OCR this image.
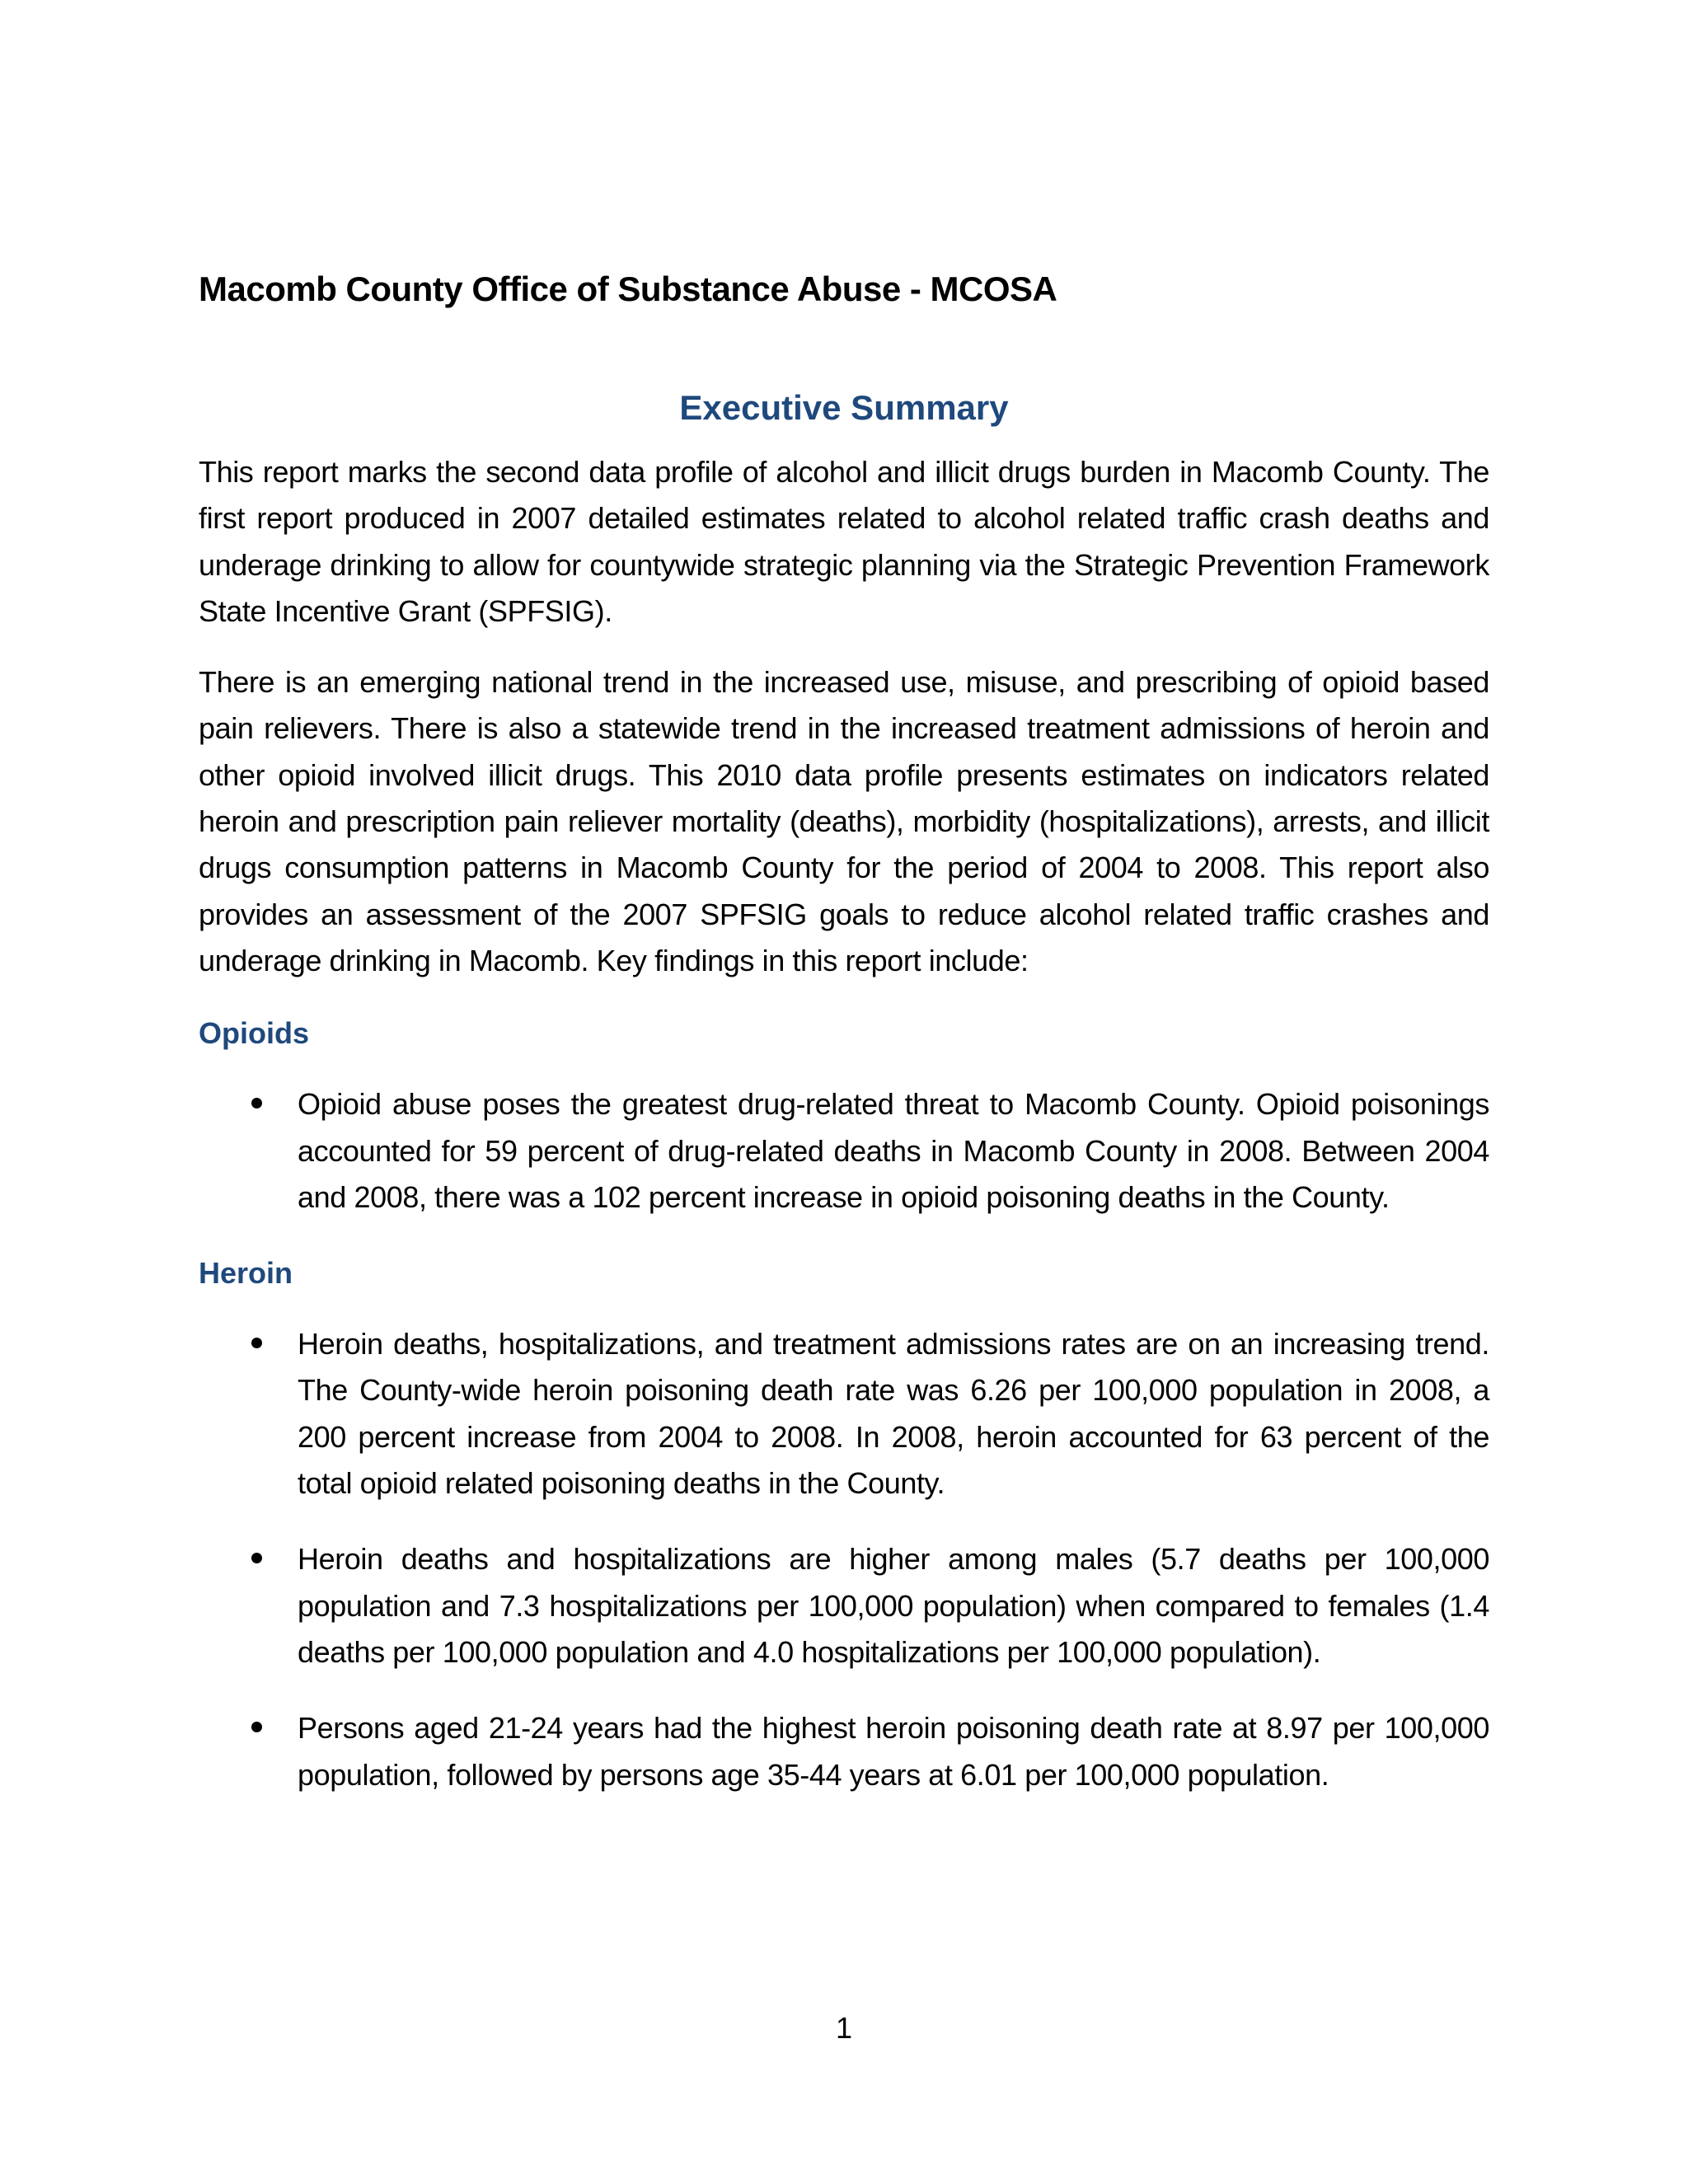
Macomb County Office of Substance Abuse - MCOSA
Executive Summary

This report marks the second data profile of alcohol and illicit drugs burden in Macomb County. The first report produced in 2007 detailed estimates related to alcohol related traffic crash deaths and underage drinking to allow for countywide strategic planning via the Strategic Prevention Framework State Incentive Grant (SPFSIG).

There is an emerging national trend in the increased use, misuse, and prescribing of opioid based pain relievers. There is also a statewide trend in the increased treatment admissions of heroin and other opioid involved illicit drugs. This 2010 data profile presents estimates on indicators related heroin and prescription pain reliever mortality (deaths), morbidity (hospitalizations), arrests, and illicit drugs consumption patterns in Macomb County for the period of 2004 to 2008. This report also provides an assessment of the 2007 SPFSIG goals to reduce alcohol related traffic crashes and underage drinking in Macomb. Key findings in this report include:

Opioids
Opioid abuse poses the greatest drug-related threat to Macomb County. Opioid poisonings accounted for 59 percent of drug-related deaths in Macomb County in 2008. Between 2004 and 2008, there was a 102 percent increase in opioid poisoning deaths in the County.
Heroin
Heroin deaths, hospitalizations, and treatment admissions rates are on an increasing trend. The County-wide heroin poisoning death rate was 6.26 per 100,000 population in 2008, a 200 percent increase from 2004 to 2008. In 2008, heroin accounted for 63 percent of the total opioid related poisoning deaths in the County.
Heroin deaths and hospitalizations are higher among males (5.7 deaths per 100,000 population and 7.3 hospitalizations per 100,000 population) when compared to females (1.4 deaths per 100,000 population and 4.0 hospitalizations per 100,000 population).
Persons aged 21-24 years had the highest heroin poisoning death rate at 8.97 per 100,000 population, followed by persons age 35-44 years at 6.01 per 100,000 population.
1
